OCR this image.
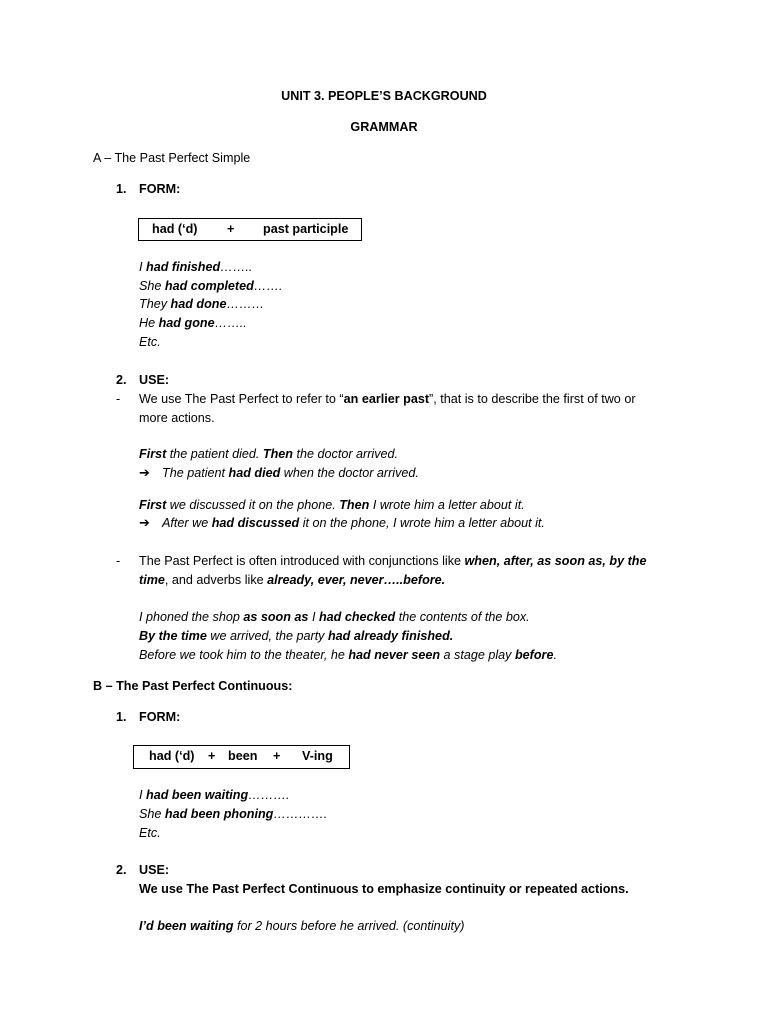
UNIT 3. PEOPLE’S BACKGROUND
GRAMMAR
A – The Past Perfect Simple
1. FORM:
had (‘d) + past participle
I had finished……..
She had completed…….
They had done………
He had gone……..
Etc.
2. USE:
- We use The Past Perfect to refer to “an earlier past”, that is to describe the first of two or
more actions.
First the patient died. Then the doctor arrived.
➔ The patient had died when the doctor arrived.
First we discussed it on the phone. Then I wrote him a letter about it.
➔ After we had discussed it on the phone, I wrote him a letter about it.
- The Past Perfect is often introduced with conjunctions like when, after, as soon as, by the
time, and adverbs like already, ever, never…..before.
I phoned the shop as soon as I had checked the contents of the box.
By the time we arrived, the party had already finished.
Before we took him to the theater, he had never seen a stage play before.
B – The Past Perfect Continuous:
1. FORM:
had (‘d) + been + V-ing
I had been waiting……….
She had been phoning………….
Etc.
2. USE:
We use The Past Perfect Continuous to emphasize continuity or repeated actions.
I’d been waiting for 2 hours before he arrived. (continuity)
